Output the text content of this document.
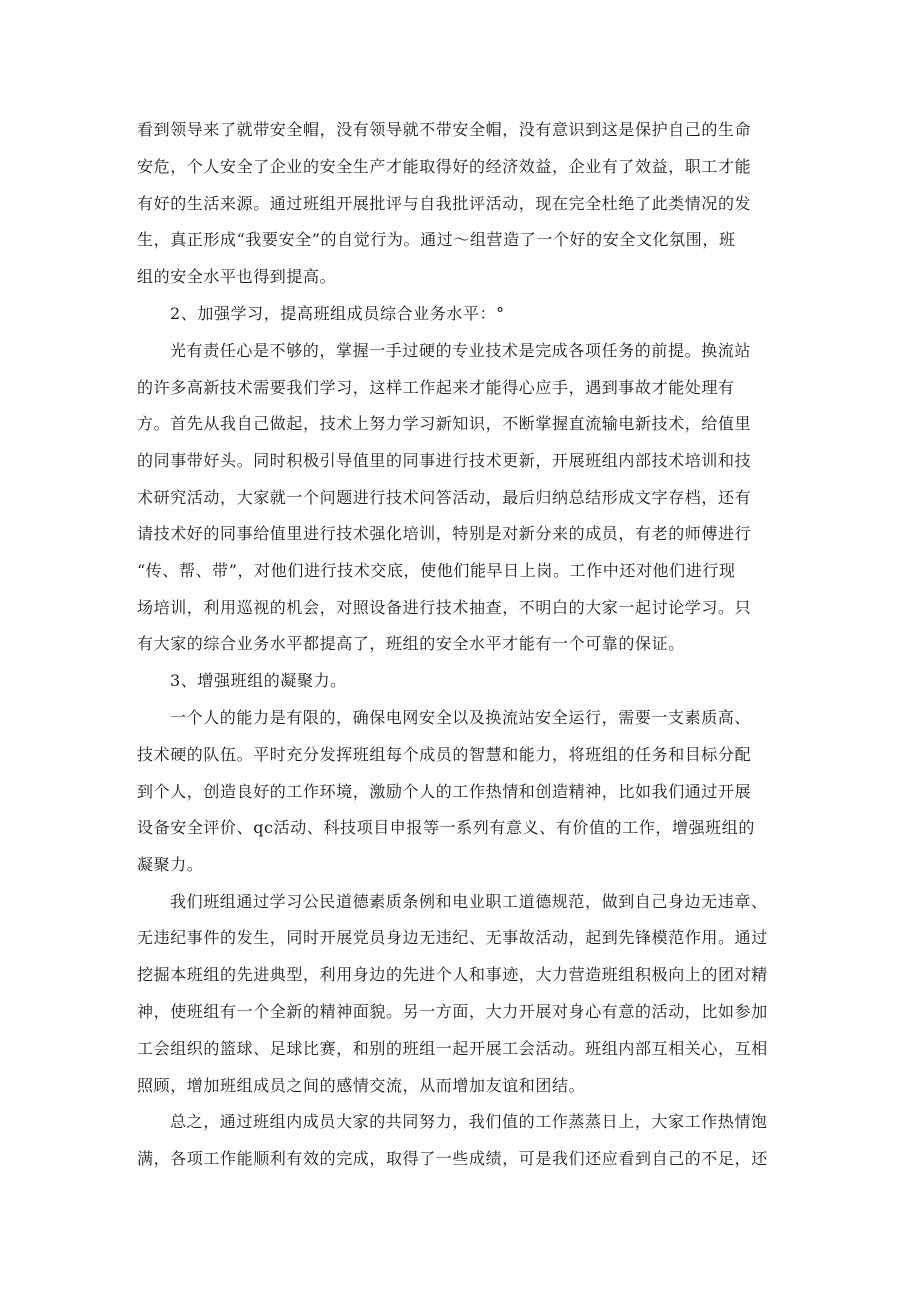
看到领导来了就带安全帽，没有领导就不带安全帽，没有意识到这是保护自己的生命
安危，个人安全了企业的安全生产才能取得好的经济效益，企业有了效益，职工才能
有好的生活来源。通过班组开展批评与自我批评活动，现在完全杜绝了此类情况的发
生，真正形成“我要安全”的自觉行为。通过～组营造了一个好的安全文化氛围，班
组的安全水平也得到提高。
2、加强学习，提高班组成员综合业务水平：°
光有责任心是不够的，掌握一手过硬的专业技术是完成各项任务的前提。换流站
的许多高新技术需要我们学习，这样工作起来才能得心应手，遇到事故才能处理有
方。首先从我自己做起，技术上努力学习新知识，不断掌握直流输电新技术，给值里
的同事带好头。同时积极引导值里的同事进行技术更新，开展班组内部技术培训和技
术研究活动，大家就一个问题进行技术问答活动，最后归纳总结形成文字存档，还有
请技术好的同事给值里进行技术强化培训，特别是对新分来的成员，有老的师傅进行
“传、帮、带”，对他们进行技术交底，使他们能早日上岗。工作中还对他们进行现
场培训，利用巡视的机会，对照设备进行技术抽查，不明白的大家一起讨论学习。只
有大家的综合业务水平都提高了，班组的安全水平才能有一个可靠的保证。
3、增强班组的凝聚力。
一个人的能力是有限的，确保电网安全以及换流站安全运行，需要一支素质高、
技术硬的队伍。平时充分发挥班组每个成员的智慧和能力，将班组的任务和目标分配
到个人，创造良好的工作环境，激励个人的工作热情和创造精神，比如我们通过开展
设备安全评价、qc活动、科技项目申报等一系列有意义、有价值的工作，增强班组的
凝聚力。
我们班组通过学习公民道德素质条例和电业职工道德规范，做到自己身边无违章、
无违纪事件的发生，同时开展党员身边无违纪、无事故活动，起到先锋模范作用。通过
挖掘本班组的先进典型，利用身边的先进个人和事迹，大力营造班组积极向上的团对精
神，使班组有一个全新的精神面貌。另一方面，大力开展对身心有意的活动，比如参加
工会组织的篮球、足球比赛，和别的班组一起开展工会活动。班组内部互相关心，互相
照顾，增加班组成员之间的感情交流，从而增加友谊和团结。
总之，通过班组内成员大家的共同努力，我们值的工作蒸蒸日上，大家工作热情饱
满，各项工作能顺利有效的完成，取得了一些成绩，可是我们还应看到自己的不足，还
